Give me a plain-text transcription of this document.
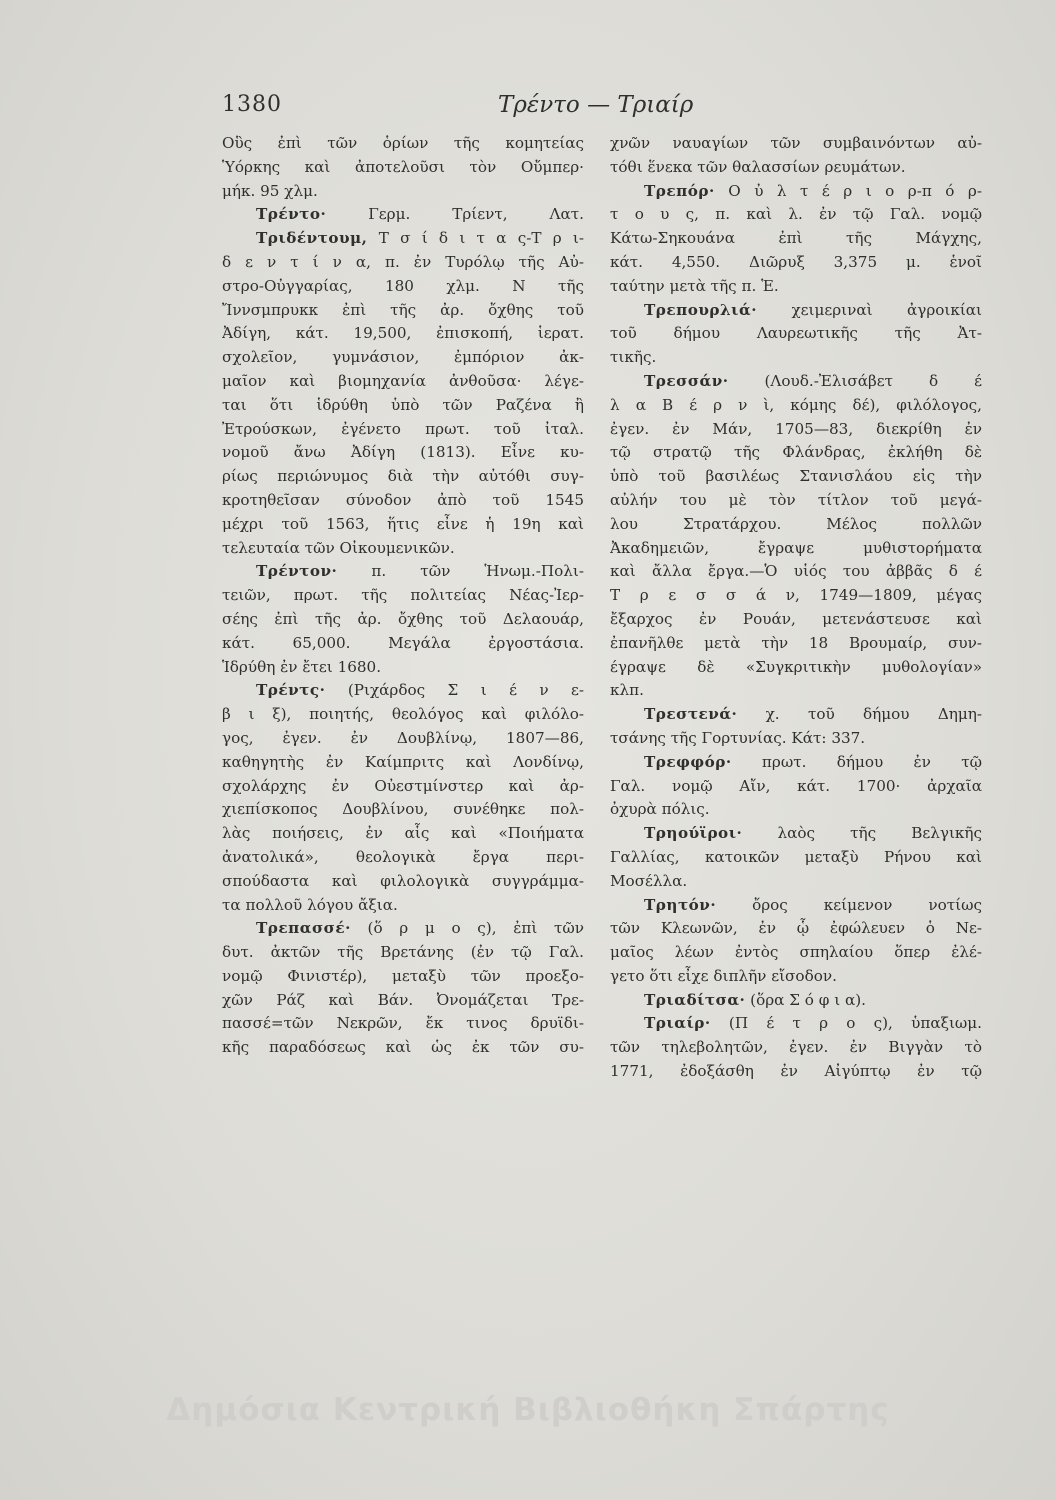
1380	Τρέντο — Τριαίρ
Οὓς ἐπὶ τῶν ὁρίων τῆς κομητείας
Ὑόρκης καὶ ἀποτελοῦσι τὸν Οὔμπερ·
μήκ. 95 χλμ.
Τρέντο· Γερμ. Τρίεντ, Λατ.
Τριδέντουμ, Τ σ ί δ ι τ α ς-Τ ρ ι-
δ ε ν τ ί ν α, π. ἐν Τυρόλῳ τῆς Αὐ-
στρο-Οὐγγαρίας, 180 χλμ. Ν τῆς
Ἴννσμπρυκκ ἐπὶ τῆς ἀρ. ὄχθης τοῦ
Ἀδίγη, κάτ. 19,500, ἐπισκοπή, ἱερατ.
σχολεῖον, γυμνάσιον, ἐμπόριον ἀκ-
μαῖον καὶ βιομηχανία ἀνθοῦσα· λέγε-
ται ὅτι ἱδρύθη ὑπὸ τῶν Ραζένα ἢ
Ἐτρούσκων, ἐγένετο πρωτ. τοῦ ἰταλ.
νομοῦ ἄνω Ἀδίγη (1813). Εἶνε κυ-
ρίως περιώνυμος διὰ τὴν αὐτόθι συγ-
κροτηθεῖσαν σύνοδον ἀπὸ τοῦ 1545
μέχρι τοῦ 1563, ἥτις εἶνε ἡ 19η καὶ
τελευταία τῶν Οἰκουμενικῶν.
Τρέντον· π. τῶν Ἡνωμ.-Πολι-
τειῶν, πρωτ. τῆς πολιτείας Νέας-Ἰερ-
σέης ἐπὶ τῆς ἀρ. ὄχθης τοῦ Δελαουάρ,
κάτ. 65,000. Μεγάλα ἐργοστάσια.
Ἱδρύθη ἐν ἔτει 1680.
Τρέντς· (Ριχάρδος Σ ι έ ν ε-
β ι ξ), ποιητής, θεολόγος καὶ φιλόλο-
γος, ἐγεν. ἐν Δουβλίνῳ, 1807—86,
καθηγητὴς ἐν Καίμπριτς καὶ Λονδίνῳ,
σχολάρχης ἐν Οὐεστμίνστερ καὶ ἀρ-
χιεπίσκοπος Δουβλίνου, συνέθηκε πολ-
λὰς ποιήσεις, ἐν αἷς καὶ «Ποιήματα
ἀνατολικά», θεολογικὰ ἔργα περι-
σπούδαστα καὶ φιλολογικὰ συγγράμμα-
τα πολλοῦ λόγου ἄξια.
Τρεπασσέ· (ὅ ρ μ ο ς), ἐπὶ τῶν
δυτ. ἀκτῶν τῆς Βρετάνης (ἐν τῷ Γαλ.
νομῷ Φινιστέρ), μεταξὺ τῶν προεξο-
χῶν Ράζ καὶ Βάν. Ὀνομάζεται Τρε-
πασσέ=τῶν Νεκρῶν, ἔκ τινος δρυϊδι-
κῆς παραδόσεως καὶ ὡς ἐκ τῶν συ-
χνῶν ναυαγίων τῶν συμβαινόντων αὐ-
τόθι ἕνεκα τῶν θαλασσίων ρευμάτων.
Τρεπόρ· Ο ὐ λ τ έ ρ ι ο ρ-π ό ρ-
τ ο υ ς, π. καὶ λ. ἐν τῷ Γαλ. νομῷ
Κάτω-Σηκουάνα ἐπὶ τῆς Μάγχης,
κάτ. 4,550. Διῶρυξ 3,375 μ. ἑνοῖ
ταύτην μετὰ τῆς π. Ἑ.
Τρεπουρλιά· χειμεριναὶ ἀγροικίαι
τοῦ δήμου Λαυρεωτικῆς τῆς Ἀτ-
τικῆς.
Τρεσσάν· (Λουδ.-Ἐλισάβετ δ έ
λ α Β έ ρ ν ὶ, κόμης δέ), φιλόλογος,
ἐγεν. ἐν Μάν, 1705—83, διεκρίθη ἐν
τῷ στρατῷ τῆς Φλάνδρας, ἐκλήθη δὲ
ὑπὸ τοῦ βασιλέως Στανισλάου εἰς τὴν
αὐλήν του μὲ τὸν τίτλον τοῦ μεγά-
λου Στρατάρχου. Μέλος πολλῶν
Ἀκαδημειῶν, ἔγραψε μυθιστορήματα
καὶ ἄλλα ἔργα.—Ὁ υἱός του ἀββᾶς δ έ
Τ ρ ε σ σ ά ν, 1749—1809, μέγας
ἔξαρχος ἐν Ρουάν, μετενάστευσε καὶ
ἐπανῆλθε μετὰ τὴν 18 Βρουμαίρ, συν-
έγραψε δὲ «Συγκριτικὴν μυθολογίαν»
κλπ.
Τρεστενά· χ. τοῦ δήμου Δημη-
τσάνης τῆς Γορτυνίας. Κάτ: 337.
Τρεφφόρ· πρωτ. δήμου ἐν τῷ
Γαλ. νομῷ Αἴν, κάτ. 1700· ἀρχαῖα
ὀχυρὰ πόλις.
Τρηούϊροι· λαὸς τῆς Βελγικῆς
Γαλλίας, κατοικῶν μεταξὺ Ρήνου καὶ
Μοσέλλα.
Τρητόν· ὄρος κείμενον νοτίως
τῶν Κλεωνῶν, ἐν ᾧ ἐφώλευεν ὁ Νε-
μαῖος λέων ἐντὸς σπηλαίου ὅπερ ἐλέ-
γετο ὅτι εἶχε διπλῆν εἴσοδον.
Τριαδίτσα· (ὅρα Σ ό φ ι α).
Τριαίρ· (Π έ τ ρ ο ς), ὑπαξιωμ.
τῶν τηλεβολητῶν, ἐγεν. ἐν Βιγγὰν τὸ
1771, ἐδοξάσθη ἐν Αἰγύπτῳ ἐν τῷ
Δημόσια Κεντρική Βιβλιοθήκη Σπάρτης
